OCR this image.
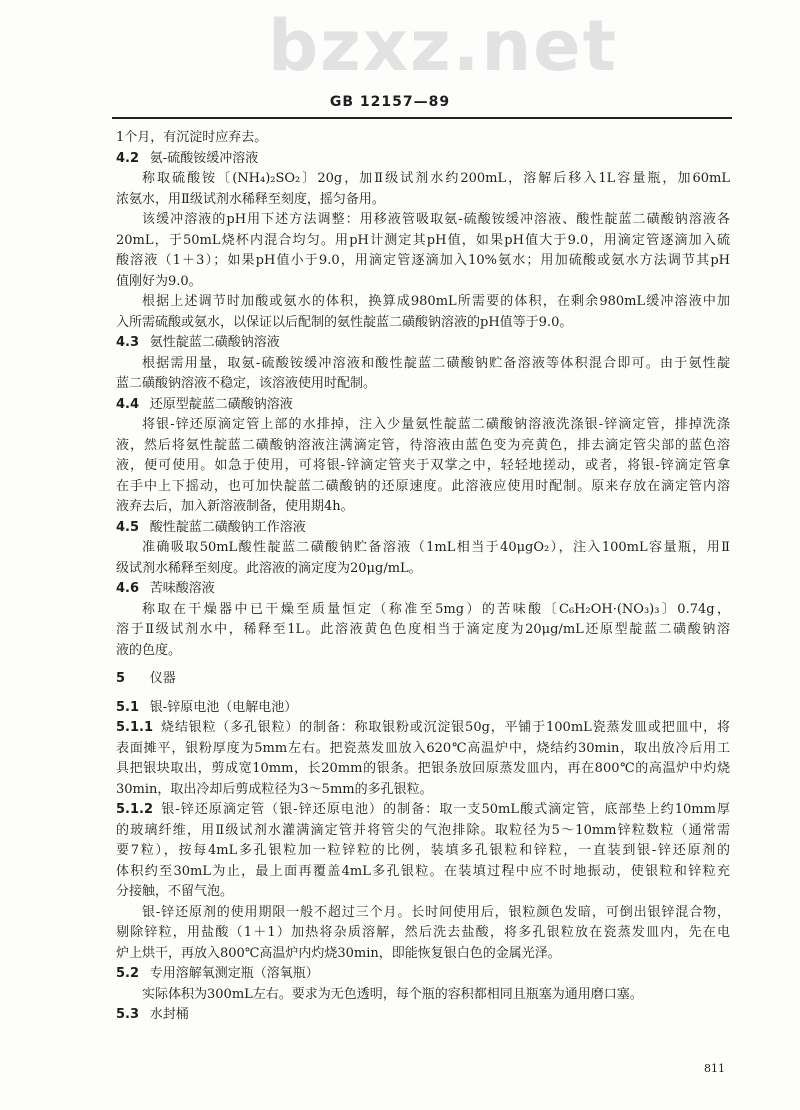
bzxz.net
GB 12157—89
1个月，有沉淀时应弃去。
4.2 氨-硫酸铵缓冲溶液
称取硫酸铵〔(NH₄)₂SO₂〕20g，加Ⅱ级试剂水约200mL，溶解后移入1L容量瓶，加60mL
浓氨水，用Ⅱ级试剂水稀释至刻度，摇匀备用。
该缓冲溶液的pH用下述方法调整：用移液管吸取氨-硫酸铵缓冲溶液、酸性靛蓝二磺酸钠溶液各
20mL，于50mL烧杯内混合均匀。用pH计测定其pH值，如果pH值大于9.0，用滴定管逐滴加入硫
酸溶液（1＋3）；如果pH值小于9.0，用滴定管逐滴加入10%氨水；用加硫酸或氨水方法调节其pH
值刚好为9.0。
根据上述调节时加酸或氨水的体积，换算成980mL所需要的体积，在剩余980mL缓冲溶液中加
入所需硫酸或氨水，以保证以后配制的氨性靛蓝二磺酸钠溶液的pH值等于9.0。
4.3 氨性靛蓝二磺酸钠溶液
根据需用量，取氨-硫酸铵缓冲溶液和酸性靛蓝二磺酸钠贮备溶液等体积混合即可。由于氨性靛
蓝二磺酸钠溶液不稳定，该溶液使用时配制。
4.4 还原型靛蓝二磺酸钠溶液
将银-锌还原滴定管上部的水排掉，注入少量氨性靛蓝二磺酸钠溶液洗涤银-锌滴定管，排掉洗涤
液，然后将氨性靛蓝二磺酸钠溶液注满滴定管，待溶液由蓝色变为亮黄色，排去滴定管尖部的蓝色溶
液，便可使用。如急于使用，可将银-锌滴定管夹于双掌之中，轻轻地搓动，或者，将银-锌滴定管拿
在手中上下摇动，也可加快靛蓝二磺酸钠的还原速度。此溶液应使用时配制。原来存放在滴定管内溶
液弃去后，加入新溶液制备，使用期4h。
4.5 酸性靛蓝二磺酸钠工作溶液
准确吸取50mL酸性靛蓝二磺酸钠贮备溶液（1mL相当于40μgO₂），注入100mL容量瓶，用Ⅱ
级试剂水稀释至刻度。此溶液的滴定度为20μg/mL。
4.6 苦味酸溶液
称取在干燥器中已干燥至质量恒定（称准至5mg）的苦味酸〔C₆H₂OH·(NO₃)₃〕0.74g，
溶于Ⅱ级试剂水中，稀释至1L。此溶液黄色色度相当于滴定度为20μg/mL还原型靛蓝二磺酸钠溶
液的色度。
5 仪器
5.1 银-锌原电池（电解电池）
5.1.1 烧结银粒（多孔银粒）的制备：称取银粉或沉淀银50g，平铺于100mL瓷蒸发皿或把皿中，将
表面摊平，银粉厚度为5mm左右。把瓷蒸发皿放入620℃高温炉中，烧结约30min，取出放冷后用工
具把银块取出，剪成宽10mm，长20mm的银条。把银条放回原蒸发皿内，再在800℃的高温炉中灼烧
30min，取出冷却后剪成粒径为3～5mm的多孔银粒。
5.1.2 银-锌还原滴定管（银-锌还原电池）的制备：取一支50mL酸式滴定管，底部垫上约10mm厚
的玻璃纤维，用Ⅱ级试剂水灌满滴定管并将管尖的气泡排除。取粒径为5～10mm锌粒数粒（通常需
要7粒），按每4mL多孔银粒加一粒锌粒的比例，装填多孔银粒和锌粒，一直装到银-锌还原剂的
体积约至30mL为止，最上面再覆盖4mL多孔银粒。在装填过程中应不时地振动，使银粒和锌粒充
分接触，不留气泡。
银-锌还原剂的使用期限一般不超过三个月。长时间使用后，银粒颜色发暗，可倒出银锌混合物，
剔除锌粒，用盐酸（1＋1）加热将杂质溶解，然后洗去盐酸，将多孔银粒放在瓷蒸发皿内，先在电
炉上烘干，再放入800℃高温炉内灼烧30min，即能恢复银白色的金属光泽。
5.2 专用溶解氧测定瓶（溶氧瓶）
实际体积为300mL左右。要求为无色透明，每个瓶的容积都相同且瓶塞为通用磨口塞。
5.3 水封桶
811
